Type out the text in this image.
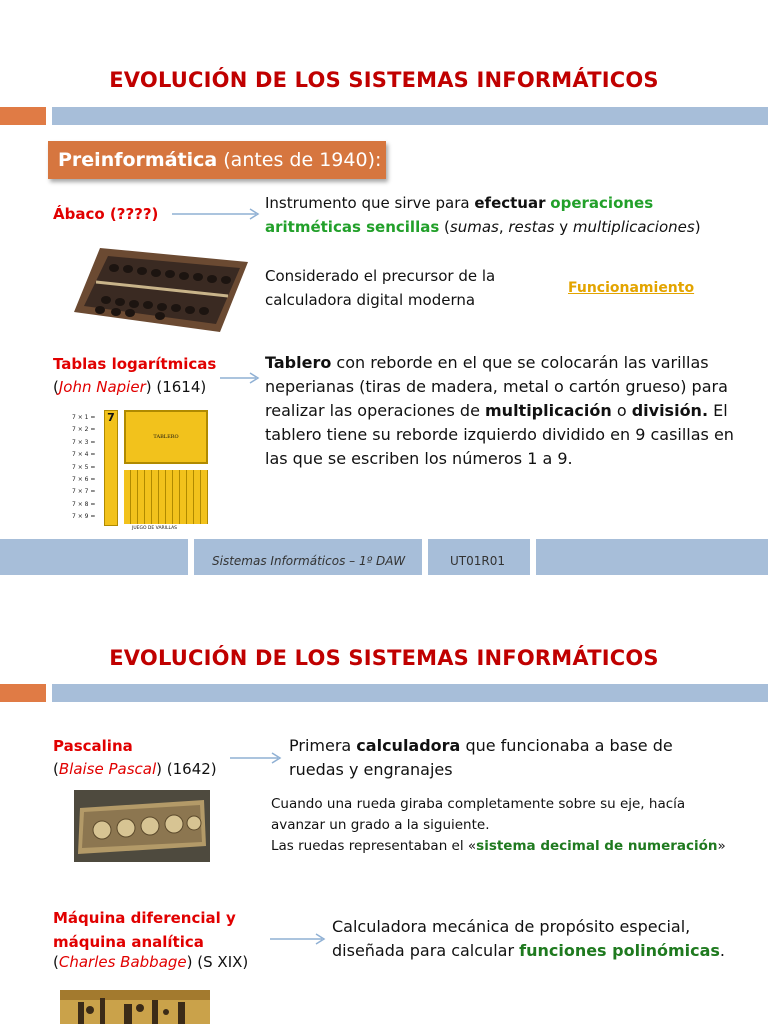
EVOLUCIÓN DE LOS SISTEMAS INFORMÁTICOS
Preinformática (antes de 1940):
Ábaco (????)
Instrumento que sirve para efectuar operaciones
aritméticas sencillas (sumas, restas y multiplicaciones)
Considerado el precursor de la
calculadora digital moderna
Funcionamiento
Tablas logarítmicas
(John Napier) (1614)
Tablero con reborde en el que se colocarán las varillas
neperianas (tiras de madera, metal o cartón grueso) para
realizar las operaciones de multiplicación o división. El
tablero tiene su reborde izquierdo dividido en 9 casillas en
las que se escriben los números 1 a 9.
7 × 1 =
7 × 2 =
7 × 3 =
7 × 4 =
7 × 5 =
7 × 6 =
7 × 7 =
7 × 8 =
7 × 9 =
7
TABLERO
JUEGO DE VARILLAS
Sistemas Informáticos – 1º DAW	UT01R01
EVOLUCIÓN DE LOS SISTEMAS INFORMÁTICOS
Pascalina
(Blaise Pascal) (1642)
Primera calculadora que funcionaba a base de
ruedas y engranajes
Cuando una rueda giraba completamente sobre su eje, hacía
avanzar un grado a la siguiente.
Las ruedas representaban el «sistema decimal de numeración»
Máquina diferencial y
máquina analítica
(Charles Babbage) (S XIX)
Calculadora mecánica de propósito especial,
diseñada para calcular funciones polinómicas.
